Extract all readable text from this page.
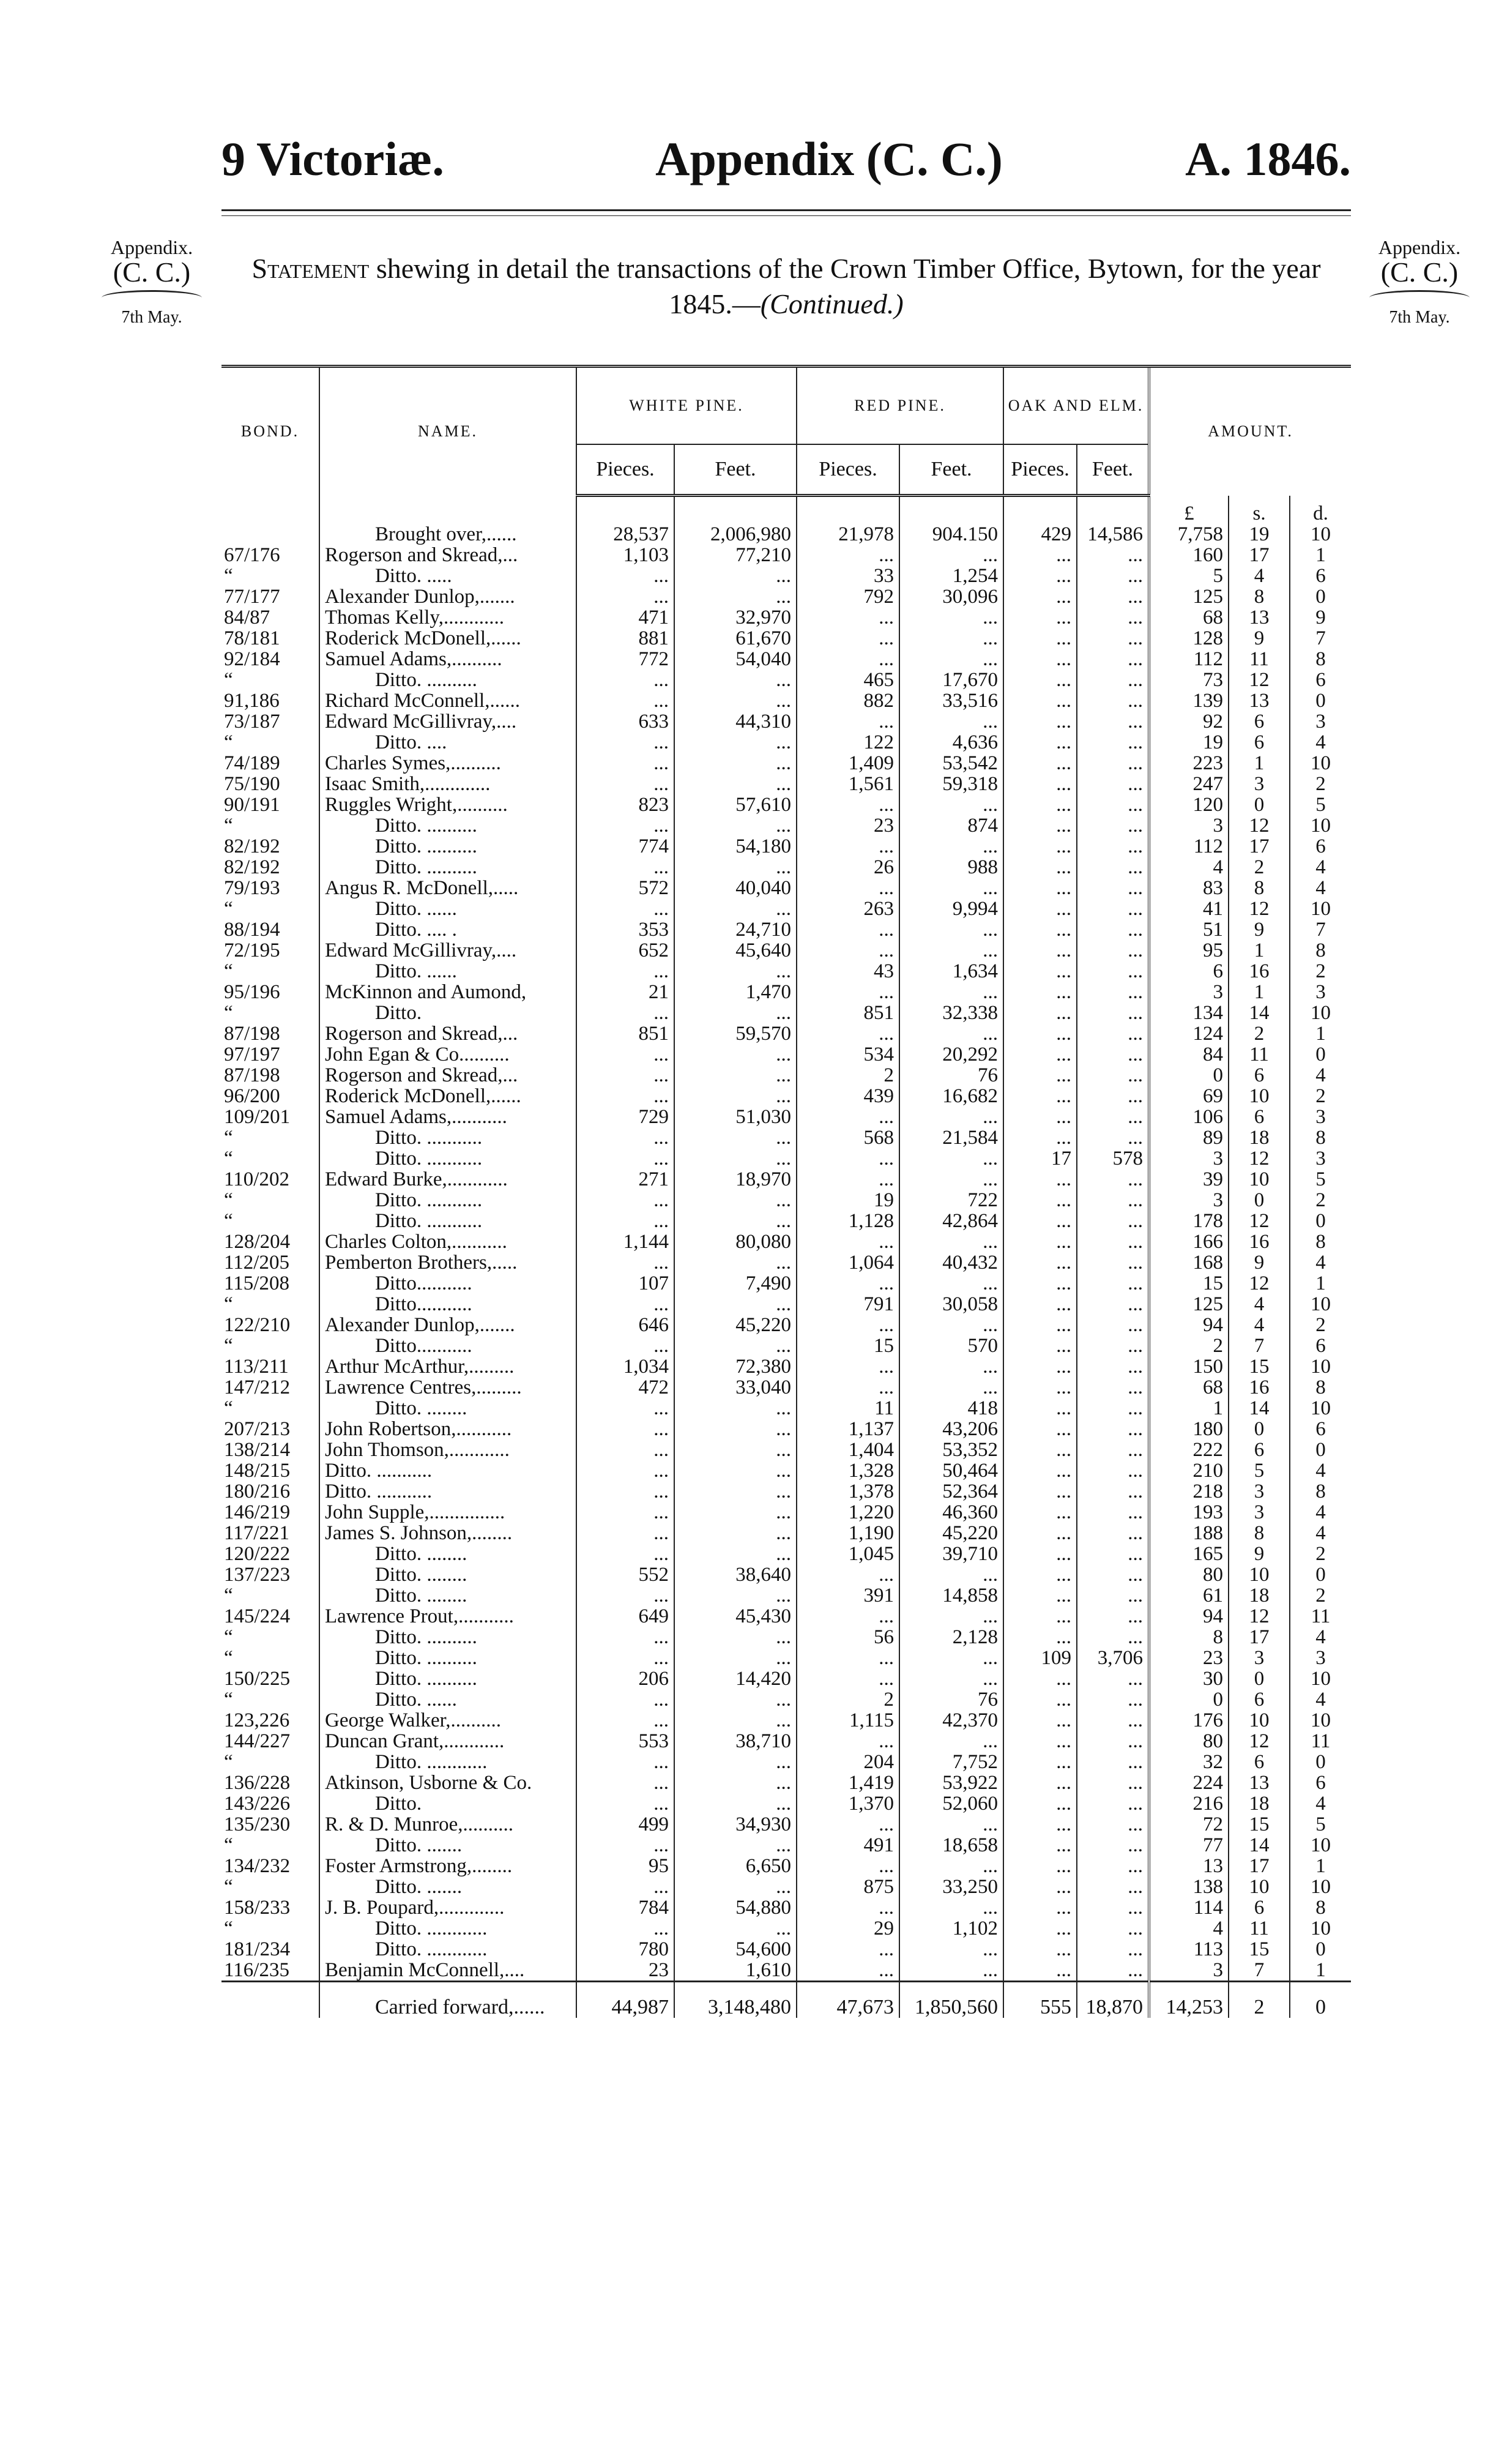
9 Victoriæ.	Appendix (C. C.)	A. 1846.
Appendix.
(C. C.)
7th May.
Appendix.
(C. C.)
7th May.
Statement shewing in detail the transactions of the Crown Timber Office, Bytown, for the year 1845.—(Continued.)
BOND.	NAME.	WHITE PINE.		RED PINE.		OAK AND ELM.		AMOUNT.		
		Pieces.	Feet.	Pieces.	Feet.	Pieces.	Feet.			
								£	s.	d.
	Brought over,......	28,537	2,006,980	21,978	904.150	429	14,586	7,758	19	10
67/176	Rogerson and Skread,...	1,103	77,210	...	...	...	...	160	17	1
“	Ditto. .....	...	...	33	1,254	...	...	5	4	6
77/177	Alexander Dunlop,.......	...	...	792	30,096	...	...	125	8	0
84/87	Thomas Kelly,............	471	32,970	...	...	...	...	68	13	9
78/181	Roderick McDonell,......	881	61,670	...	...	...	...	128	9	7
92/184	Samuel Adams,..........	772	54,040	...	...	...	...	112	11	8
“	Ditto. ..........	...	...	465	17,670	...	...	73	12	6
91,186	Richard McConnell,......	...	...	882	33,516	...	...	139	13	0
73/187	Edward McGillivray,....	633	44,310	...	...	...	...	92	6	3
“	Ditto. ....	...	...	122	4,636	...	...	19	6	4
74/189	Charles Symes,..........	...	...	1,409	53,542	...	...	223	1	10
75/190	Isaac Smith,.............	...	...	1,561	59,318	...	...	247	3	2
90/191	Ruggles Wright,..........	823	57,610	...	...	...	...	120	0	5
“	Ditto. ..........	...	...	23	874	...	...	3	12	10
82/192	Ditto. ..........	774	54,180	...	...	...	...	112	17	6
82/192	Ditto. ..........	...	...	26	988	...	...	4	2	4
79/193	Angus R. McDonell,.....	572	40,040	...	...	...	...	83	8	4
“	Ditto. ......	...	...	263	9,994	...	...	41	12	10
88/194	Ditto. .... .	353	24,710	...	...	...	...	51	9	7
72/195	Edward McGillivray,....	652	45,640	...	...	...	...	95	1	8
“	Ditto. ......	...	...	43	1,634	...	...	6	16	2
95/196	McKinnon and Aumond,	21	1,470	...	...	...	...	3	1	3
“	Ditto.	...	...	851	32,338	...	...	134	14	10
87/198	Rogerson and Skread,...	851	59,570	...	...	...	...	124	2	1
97/197	John Egan & Co..........	...	...	534	20,292	...	...	84	11	0
87/198	Rogerson and Skread,...	...	...	2	76	...	...	0	6	4
96/200	Roderick McDonell,......	...	...	439	16,682	...	...	69	10	2
109/201	Samuel Adams,...........	729	51,030	...	...	...	...	106	6	3
“	Ditto. ...........	...	...	568	21,584	...	...	89	18	8
“	Ditto. ...........	...	...	...	...	17	578	3	12	3
110/202	Edward Burke,............	271	18,970	...	...	...	...	39	10	5
“	Ditto. ...........	...	...	19	722	...	...	3	0	2
“	Ditto. ...........	...	...	1,128	42,864	...	...	178	12	0
128/204	Charles Colton,...........	1,144	80,080	...	...	...	...	166	16	8
112/205	Pemberton Brothers,.....	...	...	1,064	40,432	...	...	168	9	4
115/208	Ditto...........	107	7,490	...	...	...	...	15	12	1
“	Ditto...........	...	...	791	30,058	...	...	125	4	10
122/210	Alexander Dunlop,.......	646	45,220	...	...	...	...	94	4	2
“	Ditto...........	...	...	15	570	...	...	2	7	6
113/211	Arthur McArthur,.........	1,034	72,380	...	...	...	...	150	15	10
147/212	Lawrence Centres,.........	472	33,040	...	...	...	...	68	16	8
“	Ditto. ........	...	...	11	418	...	...	1	14	10
207/213	John Robertson,...........	...	...	1,137	43,206	...	...	180	0	6
138/214	John Thomson,............	...	...	1,404	53,352	...	...	222	6	0
148/215	Ditto. ...........	...	...	1,328	50,464	...	...	210	5	4
180/216	Ditto. ...........	...	...	1,378	52,364	...	...	218	3	8
146/219	John Supple,...............	...	...	1,220	46,360	...	...	193	3	4
117/221	James S. Johnson,........	...	...	1,190	45,220	...	...	188	8	4
120/222	Ditto. ........	...	...	1,045	39,710	...	...	165	9	2
137/223	Ditto. ........	552	38,640	...	...	...	...	80	10	0
“	Ditto. ........	...	...	391	14,858	...	...	61	18	2
145/224	Lawrence Prout,...........	649	45,430	...	...	...	...	94	12	11
“	Ditto. ..........	...	...	56	2,128	...	...	8	17	4
“	Ditto. ..........	...	...	...	...	109	3,706	23	3	3
150/225	Ditto. ..........	206	14,420	...	...	...	...	30	0	10
“	Ditto. ......	...	...	2	76	...	...	0	6	4
123,226	George Walker,..........	...	...	1,115	42,370	...	...	176	10	10
144/227	Duncan Grant,............	553	38,710	...	...	...	...	80	12	11
“	Ditto. ............	...	...	204	7,752	...	...	32	6	0
136/228	Atkinson, Usborne & Co.	...	...	1,419	53,922	...	...	224	13	6
143/226	Ditto.	...	...	1,370	52,060	...	...	216	18	4
135/230	R. & D. Munroe,..........	499	34,930	...	...	...	...	72	15	5
“	Ditto. .......	...	...	491	18,658	...	...	77	14	10
134/232	Foster Armstrong,........	95	6,650	...	...	...	...	13	17	1
“	Ditto. .......	...	...	875	33,250	...	...	138	10	10
158/233	J. B. Poupard,.............	784	54,880	...	...	...	...	114	6	8
“	Ditto. ............	...	...	29	1,102	...	...	4	11	10
181/234	Ditto. ............	780	54,600	...	...	...	...	113	15	0
116/235	Benjamin McConnell,....	23	1,610	...	...	...	...	3	7	1
	Carried forward,......	44,987	3,148,480	47,673	1,850,560	555	18,870	14,253	2	0
